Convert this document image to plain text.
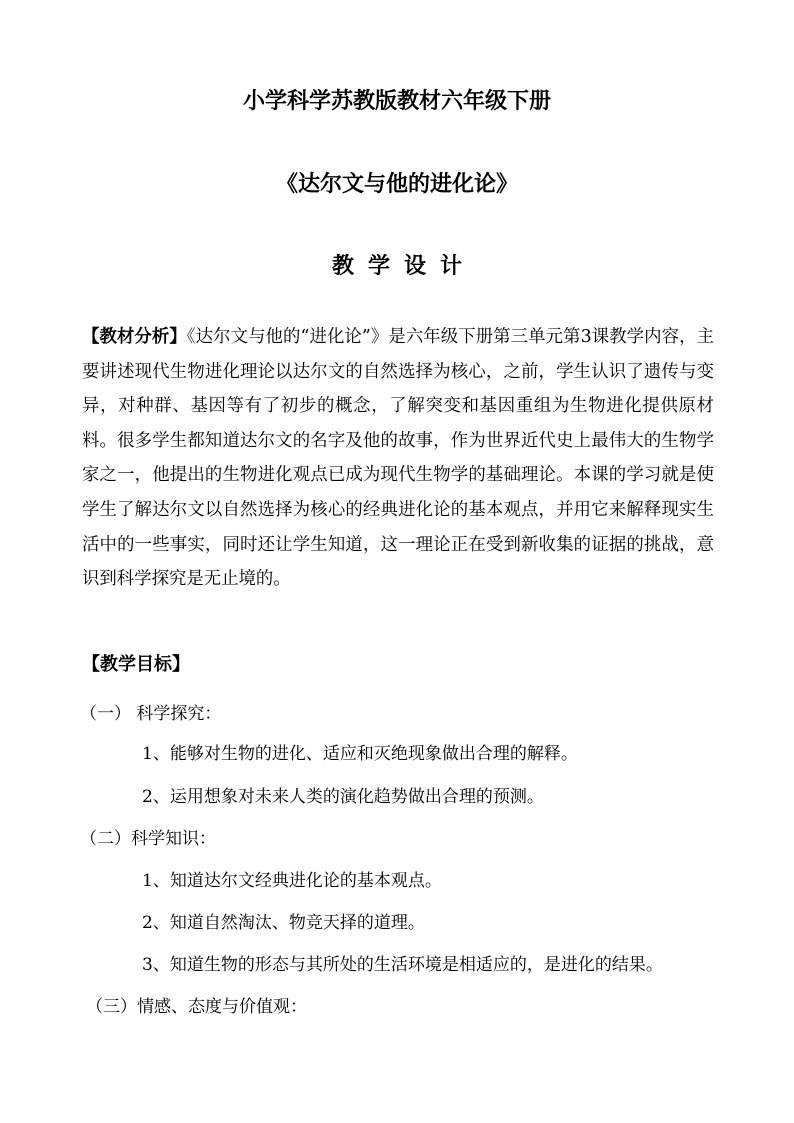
小学科学苏教版教材六年级下册
《达尔文与他的进化论》
教学设计
【教材分析】《达尔文与他的“进化论”》是六年级下册第三单元第3课教学内容，主要讲述现代生物进化理论以达尔文的自然选择为核心，之前，学生认识了遗传与变异，对种群、基因等有了初步的概念，了解突变和基因重组为生物进化提供原材料。很多学生都知道达尔文的名字及他的故事，作为世界近代史上最伟大的生物学家之一，他提出的生物进化观点已成为现代生物学的基础理论。本课的学习就是使学生了解达尔文以自然选择为核心的经典进化论的基本观点，并用它来解释现实生活中的一些事实，同时还让学生知道，这一理论正在受到新收集的证据的挑战，意识到科学探究是无止境的。
【教学目标】
（一） 科学探究：
1、能够对生物的进化、适应和灭绝现象做出合理的解释。
2、运用想象对未来人类的演化趋势做出合理的预测。
（二）科学知识：
1、知道达尔文经典进化论的基本观点。
2、知道自然淘汰、物竞天择的道理。
3、知道生物的形态与其所处的生活环境是相适应的，是进化的结果。
（三）情感、态度与价值观：
